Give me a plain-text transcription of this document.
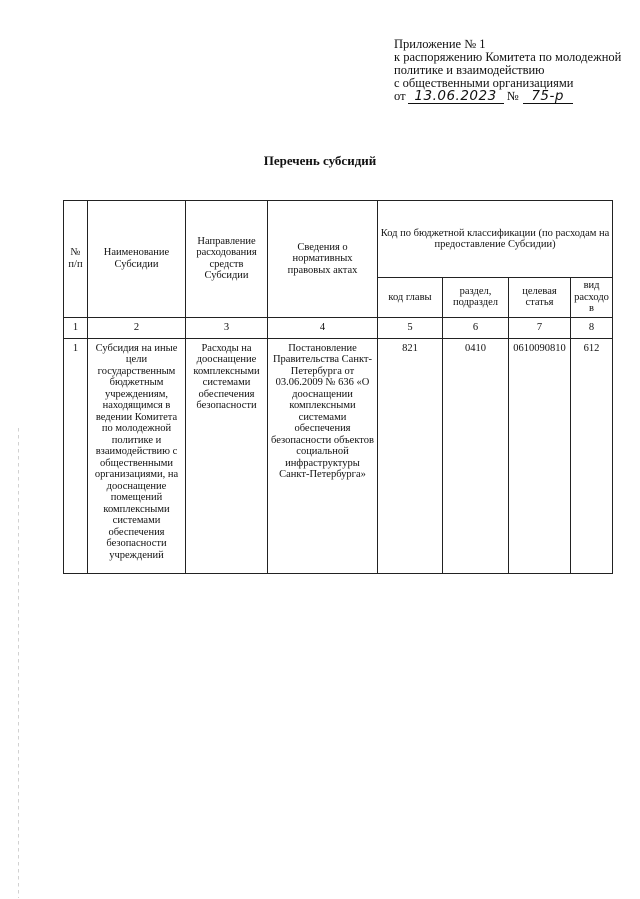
Приложение № 1
к распоряжению Комитета по молодежной
политике и взаимодействию
с общественными организациями
от 13.06.2023 № 75-р
Перечень субсидий
№ п/п	Наименование Субсидии	Направление расходования средств Субсидии	Сведения о нормативных правовых актах	Код по бюджетной классификации (по расходам на предоставление Субсидии)			
				код главы	раздел, подраздел	целевая статья	вид расходов
1	2	3	4	5	6	7	8
1	Субсидия на иные цели государственным бюджетным учреждениям, находящимся в ведении Комитета по молодежной политике и взаимодействию с общественными организациями, на дооснащение помещений комплексными системами обеспечения безопасности учреждений	Расходы на дооснащение комплексными системами обеспечения безопасности	Постановление Правительства Санкт-Петербурга от 03.06.2009 № 636 «О дооснащении комплексными системами обеспечения безопасности объектов социальной инфраструктуры Санкт-Петербурга»	821	0410	0610090810	612
